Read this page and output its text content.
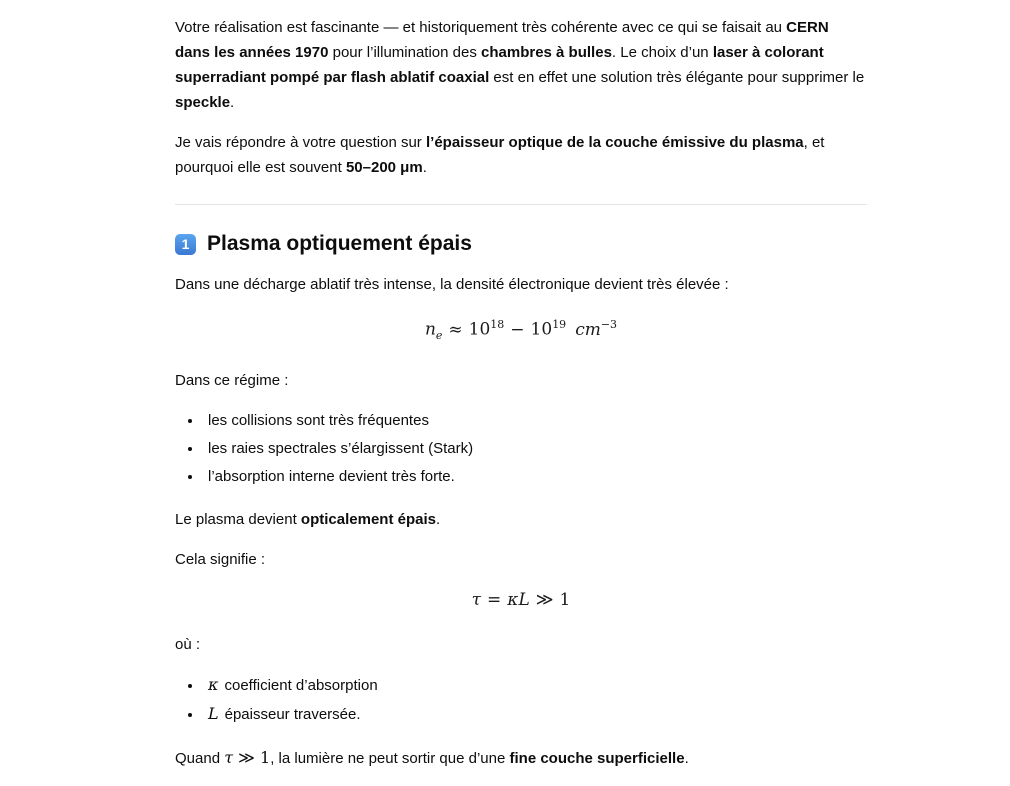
Votre réalisation est fascinante — et historiquement très cohérente avec ce qui se faisait au CERN dans les années 1970 pour l’illumination des chambres à bulles. Le choix d’un laser à colorant superradiant pompé par flash ablatif coaxial est en effet une solution très élégante pour supprimer le speckle.

Je vais répondre à votre question sur l’épaisseur optique de la couche émissive du plasma, et pourquoi elle est souvent 50–200 μm.

1 Plasma optiquement épais

Dans une décharge ablatif très intense, la densité électronique devient très élevée :

$n_e \approx 10^{18} - 10^{19}$ $cm^{-3}$

Dans ce régime :

• les collisions sont très fréquentes
• les raies spectrales s’élargissent (Stark)
• l’absorption interne devient très forte.

Le plasma devient opticalement épais.

Cela signifie :

τ = κL ≫ 1

où :

• κ coefficient d’absorption
• L épaisseur traversée.

Quand τ ≫ 1, la lumière ne peut sortir que d’une fine couche superficielle.
